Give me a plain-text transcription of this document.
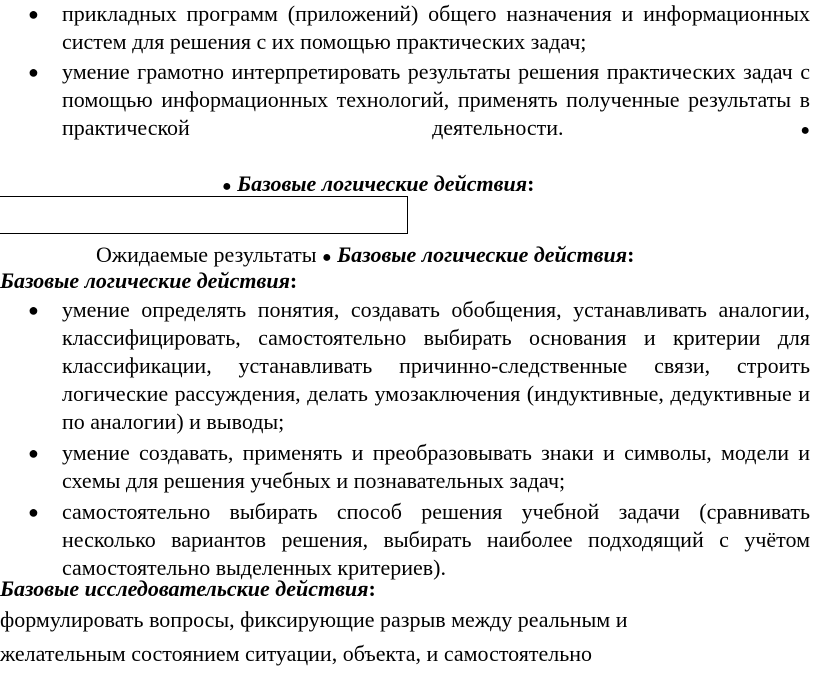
● прикладных программ (приложений) общего назначения и информационных систем для решения с их помощью практических задач;
● умение грамотно интерпретировать результаты решения практических задач с помощью информационных технологий, применять полученные результаты в практической деятельности.●
● Базовые логические действия:
Ожидаемые результаты ● Базовые логические действия:
Базовые логические действия:
● умение определять понятия, создавать обобщения, устанавливать аналогии, классифицировать, самостоятельно выбирать основания и критерии для классификации, устанавливать причинно-следственные связи, строить логические рассуждения, делать умозаключения (индуктивные, дедуктивные и по аналогии) и выводы;
● умение создавать, применять и преобразовывать знаки и символы, модели и схемы для решения учебных и познавательных задач;
● самостоятельно выбирать способ решения учебной задачи (сравнивать несколько вариантов решения, выбирать наиболее подходящий с учётом самостоятельно выделенных критериев).
Базовые исследовательские действия:
формулировать вопросы, фиксирующие разрыв между реальным и
желательным состоянием ситуации, объекта, и самостоятельно
